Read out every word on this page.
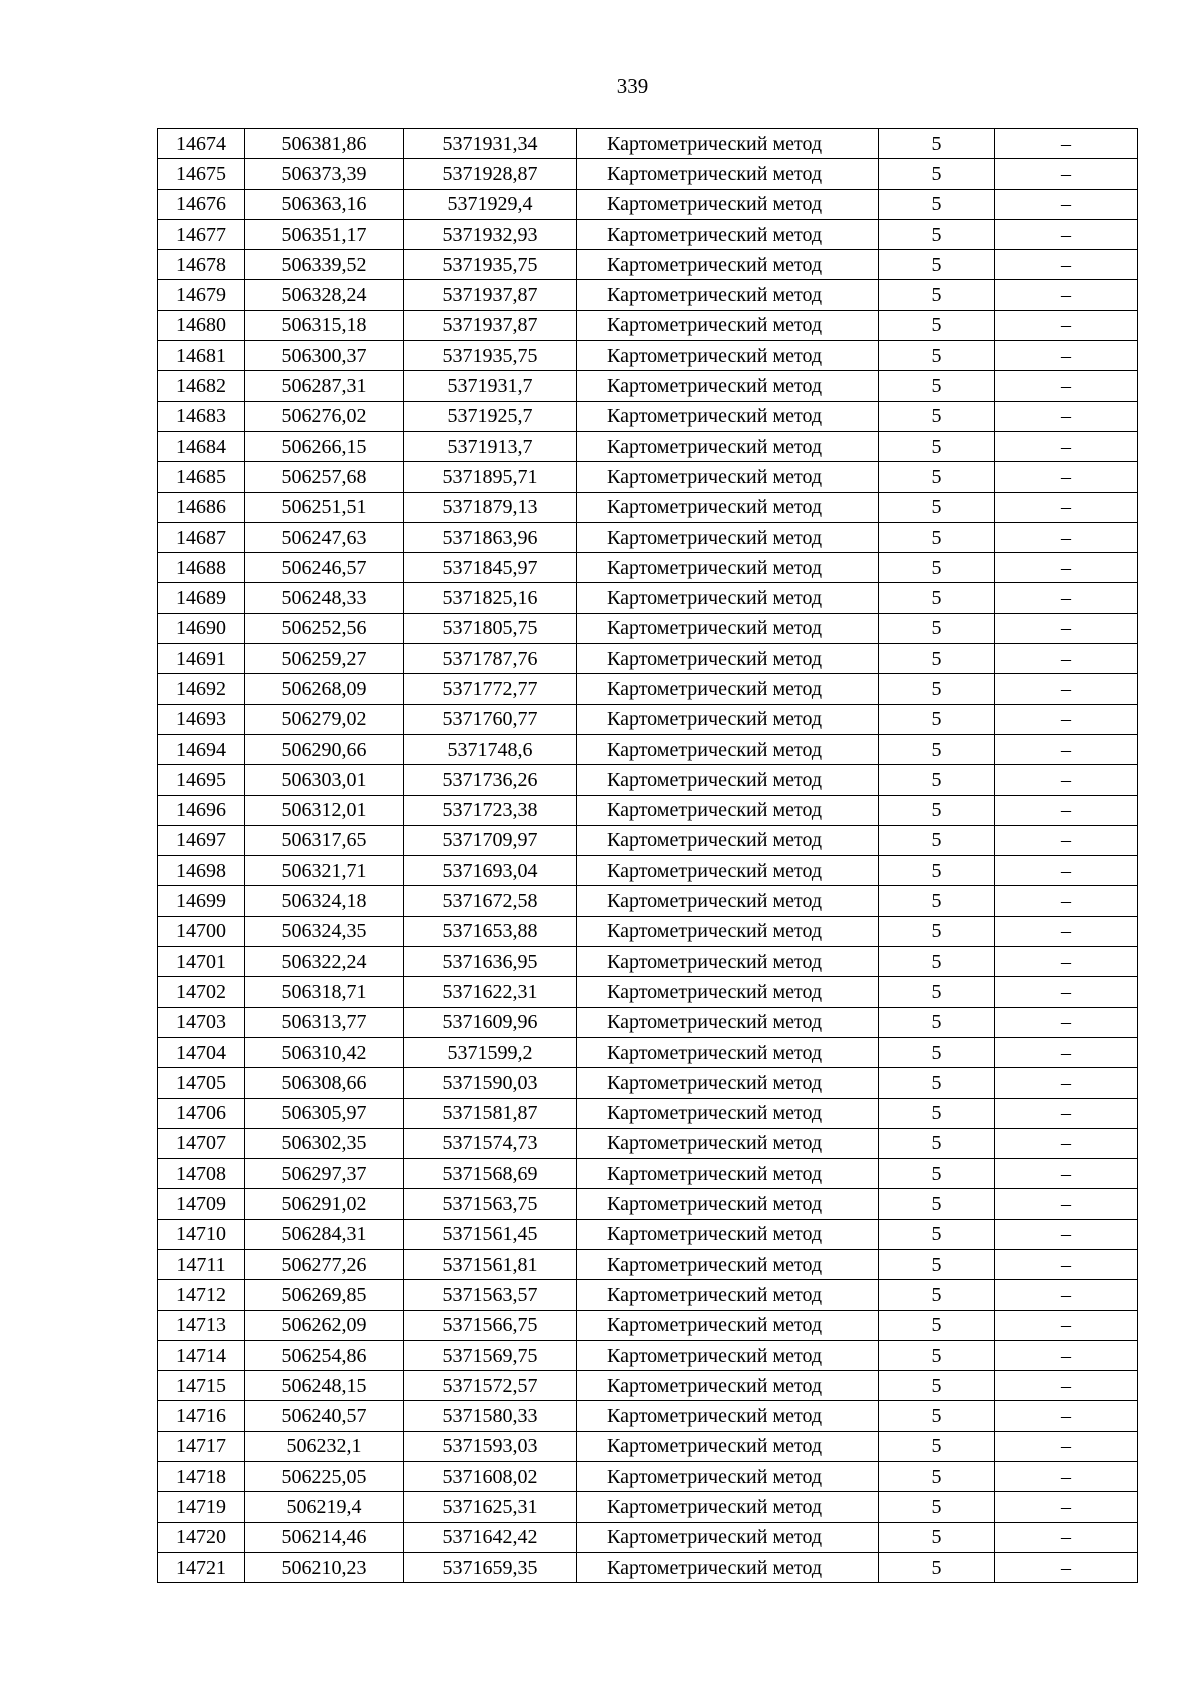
339
14674	506381,86	5371931,34	Картометрический метод	5	–
14675	506373,39	5371928,87	Картометрический метод	5	–
14676	506363,16	5371929,4	Картометрический метод	5	–
14677	506351,17	5371932,93	Картометрический метод	5	–
14678	506339,52	5371935,75	Картометрический метод	5	–
14679	506328,24	5371937,87	Картометрический метод	5	–
14680	506315,18	5371937,87	Картометрический метод	5	–
14681	506300,37	5371935,75	Картометрический метод	5	–
14682	506287,31	5371931,7	Картометрический метод	5	–
14683	506276,02	5371925,7	Картометрический метод	5	–
14684	506266,15	5371913,7	Картометрический метод	5	–
14685	506257,68	5371895,71	Картометрический метод	5	–
14686	506251,51	5371879,13	Картометрический метод	5	–
14687	506247,63	5371863,96	Картометрический метод	5	–
14688	506246,57	5371845,97	Картометрический метод	5	–
14689	506248,33	5371825,16	Картометрический метод	5	–
14690	506252,56	5371805,75	Картометрический метод	5	–
14691	506259,27	5371787,76	Картометрический метод	5	–
14692	506268,09	5371772,77	Картометрический метод	5	–
14693	506279,02	5371760,77	Картометрический метод	5	–
14694	506290,66	5371748,6	Картометрический метод	5	–
14695	506303,01	5371736,26	Картометрический метод	5	–
14696	506312,01	5371723,38	Картометрический метод	5	–
14697	506317,65	5371709,97	Картометрический метод	5	–
14698	506321,71	5371693,04	Картометрический метод	5	–
14699	506324,18	5371672,58	Картометрический метод	5	–
14700	506324,35	5371653,88	Картометрический метод	5	–
14701	506322,24	5371636,95	Картометрический метод	5	–
14702	506318,71	5371622,31	Картометрический метод	5	–
14703	506313,77	5371609,96	Картометрический метод	5	–
14704	506310,42	5371599,2	Картометрический метод	5	–
14705	506308,66	5371590,03	Картометрический метод	5	–
14706	506305,97	5371581,87	Картометрический метод	5	–
14707	506302,35	5371574,73	Картометрический метод	5	–
14708	506297,37	5371568,69	Картометрический метод	5	–
14709	506291,02	5371563,75	Картометрический метод	5	–
14710	506284,31	5371561,45	Картометрический метод	5	–
14711	506277,26	5371561,81	Картометрический метод	5	–
14712	506269,85	5371563,57	Картометрический метод	5	–
14713	506262,09	5371566,75	Картометрический метод	5	–
14714	506254,86	5371569,75	Картометрический метод	5	–
14715	506248,15	5371572,57	Картометрический метод	5	–
14716	506240,57	5371580,33	Картометрический метод	5	–
14717	506232,1	5371593,03	Картометрический метод	5	–
14718	506225,05	5371608,02	Картометрический метод	5	–
14719	506219,4	5371625,31	Картометрический метод	5	–
14720	506214,46	5371642,42	Картометрический метод	5	–
14721	506210,23	5371659,35	Картометрический метод	5	–
